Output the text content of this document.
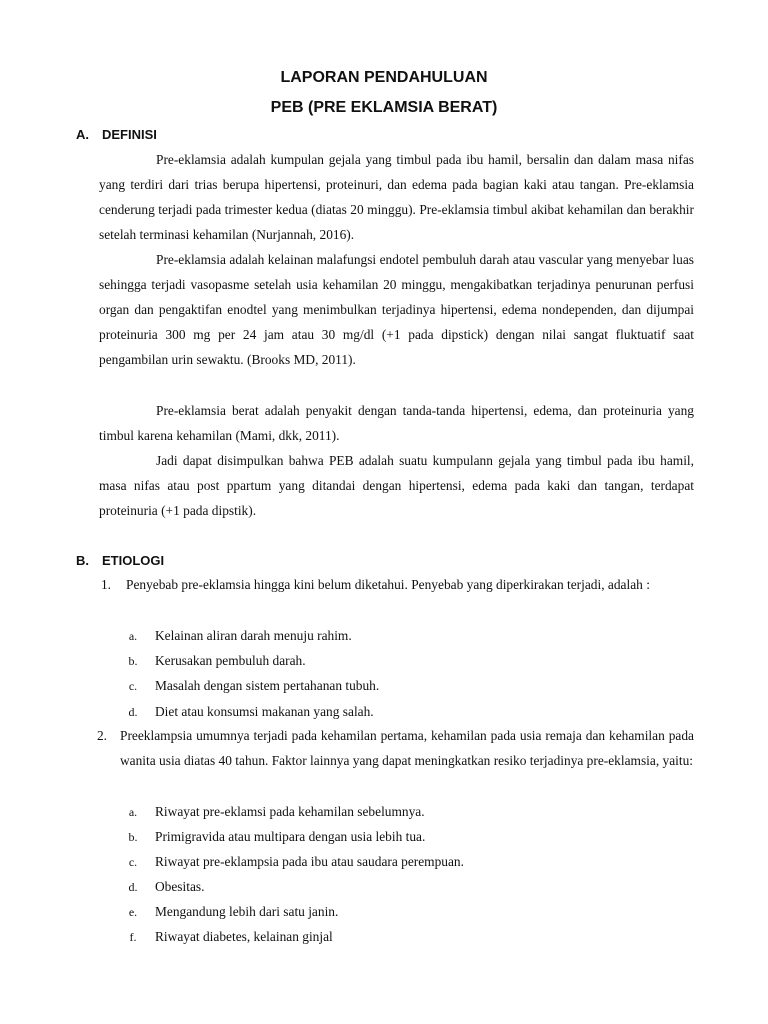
LAPORAN PENDAHULUAN
PEB (PRE EKLAMSIA BERAT)
A. DEFINISI

Pre-eklamsia adalah kumpulan gejala yang timbul pada ibu hamil, bersalin dan dalam masa nifas yang terdiri dari trias berupa hipertensi, proteinuri, dan edema pada bagian kaki atau tangan. Pre-eklamsia cenderung terjadi pada trimester kedua (diatas 20 minggu). Pre-eklamsia timbul akibat kehamilan dan berakhir setelah terminasi kehamilan (Nurjannah, 2016).

Pre-eklamsia adalah kelainan malafungsi endotel pembuluh darah atau vascular yang menyebar luas sehingga terjadi vasopasme setelah usia kehamilan 20 minggu, mengakibatkan terjadinya penurunan perfusi organ dan pengaktifan enodtel yang menimbulkan terjadinya hipertensi, edema nondependen, dan dijumpai proteinuria 300 mg per 24 jam atau 30 mg/dl (+1 pada dipstick) dengan nilai sangat fluktuatif saat pengambilan urin sewaktu. (Brooks MD, 2011).

Pre-eklamsia berat adalah penyakit dengan tanda-tanda hipertensi, edema, dan proteinuria yang timbul karena kehamilan (Mami, dkk, 2011).

Jadi dapat disimpulkan bahwa PEB adalah suatu kumpulann gejala yang timbul pada ibu hamil, masa nifas atau post ppartum yang ditandai dengan hipertensi, edema pada kaki dan tangan, terdapat proteinuria (+1 pada dipstik).

B. ETIOLOGI
1. Penyebab pre-eklamsia hingga kini belum diketahui. Penyebab yang diperkirakan terjadi, adalah :
a. Kelainan aliran darah menuju rahim.
b. Kerusakan pembuluh darah.
c. Masalah dengan sistem pertahanan tubuh.
d. Diet atau konsumsi makanan yang salah.
2. Preeklampsia umumnya terjadi pada kehamilan pertama, kehamilan pada usia remaja dan kehamilan pada wanita usia diatas 40 tahun. Faktor lainnya yang dapat meningkatkan resiko terjadinya pre-eklamsia, yaitu:
a. Riwayat pre-eklamsi pada kehamilan sebelumnya.
b. Primigravida atau multipara dengan usia lebih tua.
c. Riwayat pre-eklampsia pada ibu atau saudara perempuan.
d. Obesitas.
e. Mengandung lebih dari satu janin.
f. Riwayat diabetes, kelainan ginjal
